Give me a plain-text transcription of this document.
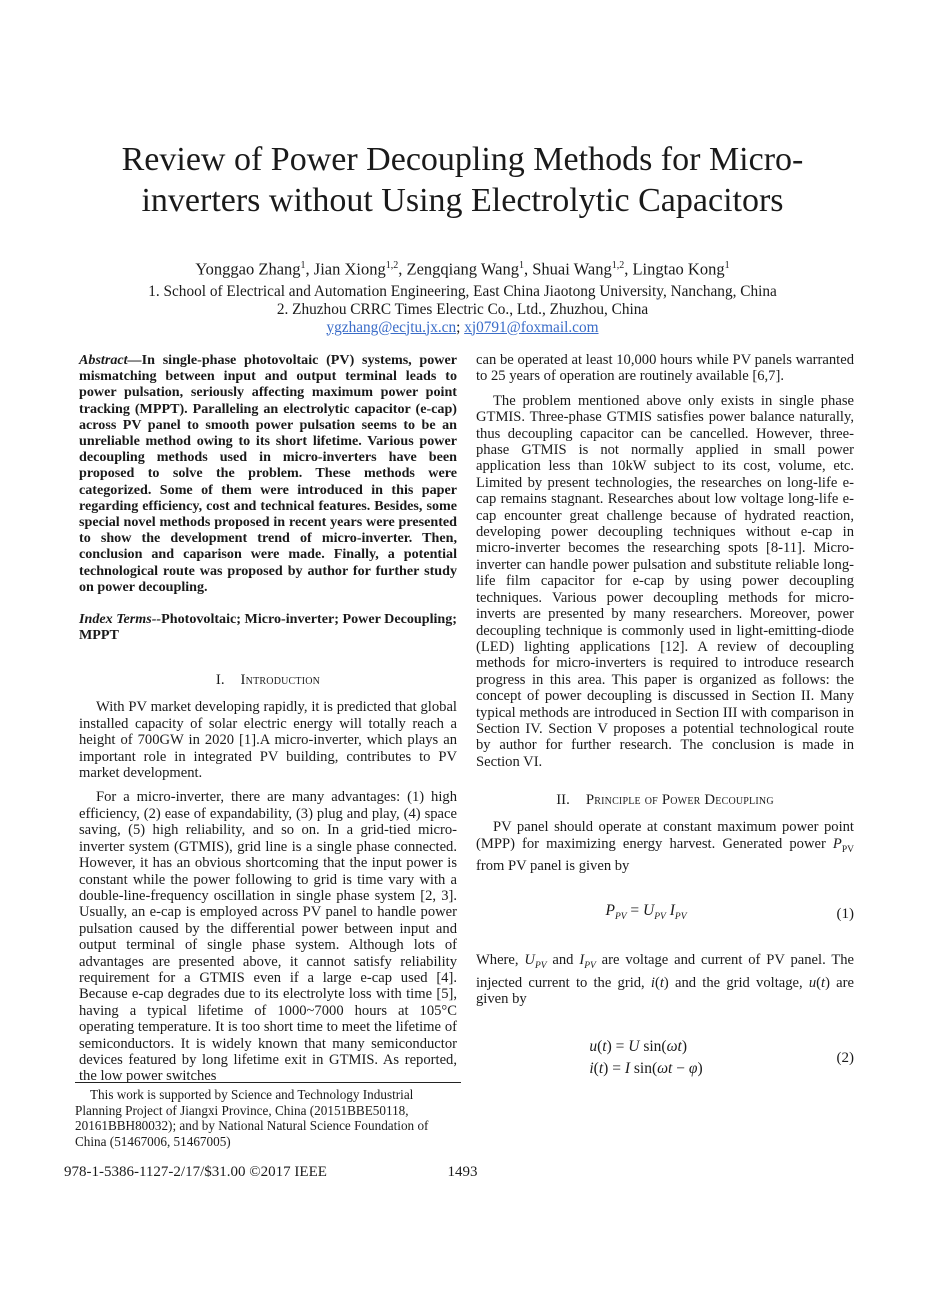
Review of Power Decoupling Methods for Micro-
inverters without Using Electrolytic Capacitors
Yonggao Zhang$^1$, Jian Xiong$^{1,2}$, Zengqiang Wang$^1$, Shuai Wang$^{1,2}$, Lingtao Kong$^1$
1. School of Electrical and Automation Engineering, East China Jiaotong University, Nanchang, China
2. Zhuzhou CRRC Times Electric Co., Ltd., Zhuzhou, China
ygzhang@ecjtu.jx.cn; xj0791@foxmail.com

Abstract—In single-phase photovoltaic (PV) systems, power mismatching between input and output terminal leads to power pulsation, seriously affecting maximum power point tracking (MPPT). Paralleling an electrolytic capacitor (e-cap) across PV panel to smooth power pulsation seems to be an unreliable method owing to its short lifetime. Various power decoupling methods used in micro-inverters have been proposed to solve the problem. These methods were categorized. Some of them were introduced in this paper regarding efficiency, cost and technical features. Besides, some special novel methods proposed in recent years were presented to show the development trend of micro-inverter. Then, conclusion and caparison were made. Finally, a potential technological route was proposed by author for further study on power decoupling.

Index Terms--Photovoltaic; Micro-inverter; Power Decoupling; MPPT

I. Introduction

With PV market developing rapidly, it is predicted that global installed capacity of solar electric energy will totally reach a height of 700GW in 2020 [1].A micro-inverter, which plays an important role in integrated PV building, contributes to PV market development.

For a micro-inverter, there are many advantages: (1) high efficiency, (2) ease of expandability, (3) plug and play, (4) space saving, (5) high reliability, and so on. In a grid-tied micro-inverter system (GTMIS), grid line is a single phase connected. However, it has an obvious shortcoming that the input power is constant while the power following to grid is time vary with a double-line-frequency oscillation in single phase system [2, 3]. Usually, an e-cap is employed across PV panel to handle power pulsation caused by the differential power between input and output terminal of single phase system. Although lots of advantages are presented above, it cannot satisfy reliability requirement for a GTMIS even if a large e-cap used [4]. Because e-cap degrades due to its electrolyte loss with time [5], having a typical lifetime of 1000~7000 hours at 105°C operating temperature. It is too short time to meet the lifetime of semiconductors. It is widely known that many semiconductor devices featured by long lifetime exit in GTMIS. As reported, the low power switches

can be operated at least 10,000 hours while PV panels warranted to 25 years of operation are routinely available [6,7].

The problem mentioned above only exists in single phase GTMIS. Three-phase GTMIS satisfies power balance naturally, thus decoupling capacitor can be cancelled. However, three-phase GTMIS is not normally applied in small power application less than 10kW subject to its cost, volume, etc. Limited by present technologies, the researches on long-life e-cap remains stagnant. Researches about low voltage long-life e-cap encounter great challenge because of hydrated reaction, developing power decoupling techniques without e-cap in micro-inverter becomes the researching spots [8-11]. Micro-inverter can handle power pulsation and substitute reliable long-life film capacitor for e-cap by using power decoupling techniques. Various power decoupling methods for micro-inverts are presented by many researchers. Moreover, power decoupling technique is commonly used in light-emitting-diode (LED) lighting applications [12]. A review of decoupling methods for micro-inverters is required to introduce research progress in this area. This paper is organized as follows: the concept of power decoupling is discussed in Section II. Many typical methods are introduced in Section III with comparison in Section IV. Section V proposes a potential technological route by author for further research. The conclusion is made in Section VI.

II. Principle of Power Decoupling

PV panel should operate at constant maximum power point (MPP) for maximizing energy harvest. Generated power $P_{PV}$ from PV panel is given by

$P_{PV} = U_{PV}$ $I_{PV}$	(1)

Where, $U_{PV}$ and $I_{PV}$ are voltage and current of PV panel. The injected current to the grid, i(t) and the grid voltage, u(t) are given by

u(t) = U sin(ωt)
i(t) = I sin(ωt − φ)
(2)

This work is supported by Science and Technology Industrial Planning Project of Jiangxi Province, China (20151BBE50118, 20161BBH80032); and by National Natural Science Foundation of China (51467006, 51467005)

978-1-5386-1127-2/17/$31.00 ©2017 IEEE	1493
